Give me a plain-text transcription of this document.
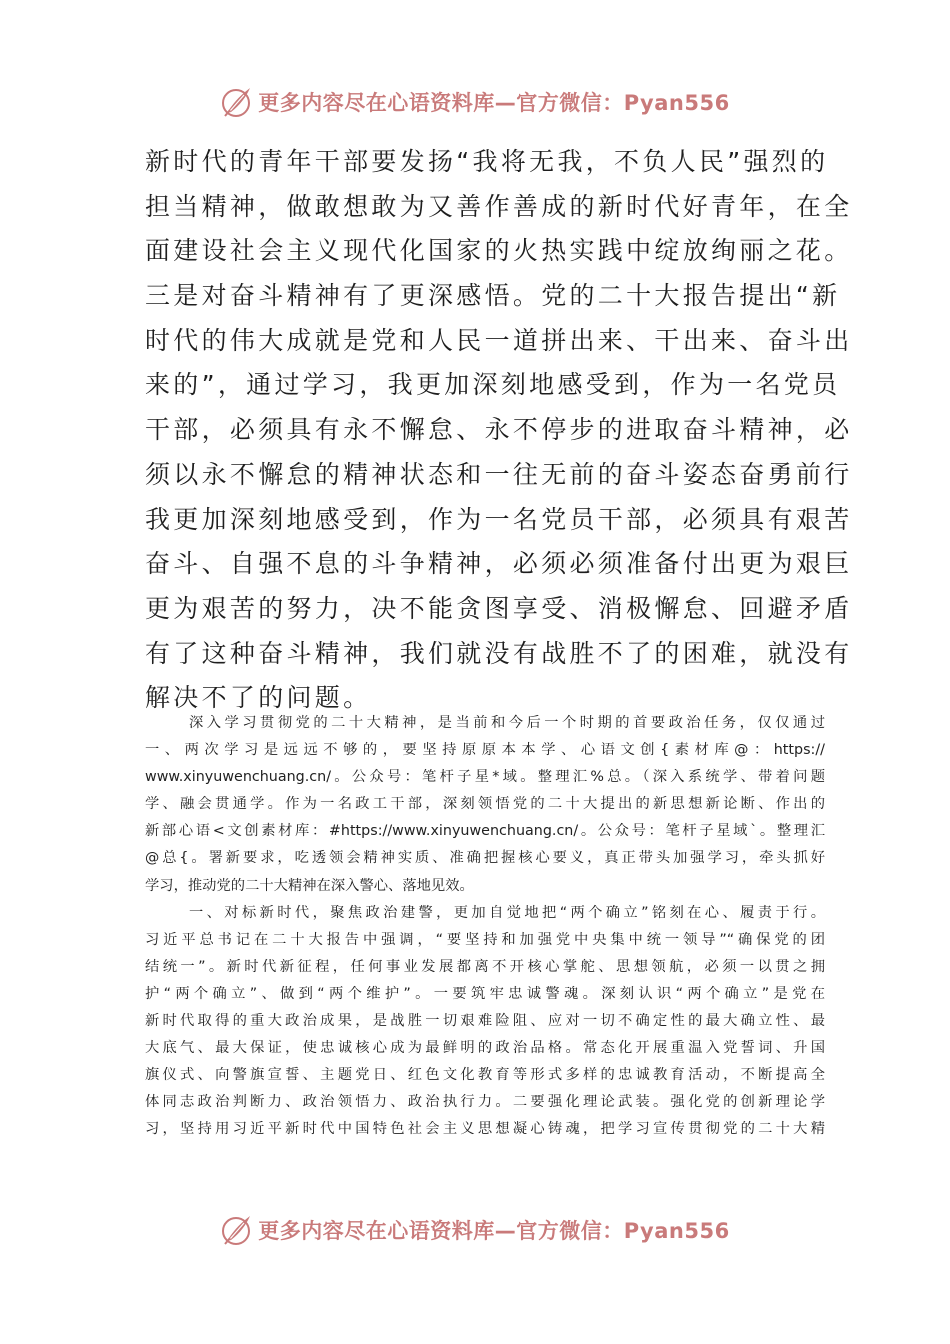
更多内容尽在心语资料库—官方微信：Pyan556
新时代的青年干部要发扬“我将无我，不负人民”强烈的
担当精神，做敢想敢为又善作善成的新时代好青年，在全
面建设社会主义现代化国家的火热实践中绽放绚丽之花。
三是对奋斗精神有了更深感悟。党的二十大报告提出“新
时代的伟大成就是党和人民一道拼出来、干出来、奋斗出
来的”，通过学习，我更加深刻地感受到，作为一名党员
干部，必须具有永不懈怠、永不停步的进取奋斗精神，必
须以永不懈怠的精神状态和一往无前的奋斗姿态奋勇前行
我更加深刻地感受到，作为一名党员干部，必须具有艰苦
奋斗、自强不息的斗争精神，必须必须准备付出更为艰巨
更为艰苦的努力，决不能贪图享受、消极懈怠、回避矛盾
有了这种奋斗精神，我们就没有战胜不了的困难，就没有
解决不了的问题。
深入学习贯彻党的二十大精神，是当前和今后一个时期的首要政治任务，仅仅通过
一、两次学习是远远不够的，要坚持原原本本学、心语文创{素材库@：https://
www.xinyuwenchuang.cn/。公众号：笔杆子星*域。整理汇%总。（深入系统学、带着问题
学、融会贯通学。作为一名政工干部，深刻领悟党的二十大提出的新思想新论断、作出的
新部心语<文创素材库：#https://www.xinyuwenchuang.cn/。公众号：笔杆子星域`。整理汇
@总{。署新要求，吃透领会精神实质、准确把握核心要义，真正带头加强学习，牵头抓好
学习，推动党的二十大精神在深入警心、落地见效。
一、对标新时代，聚焦政治建警，更加自觉地把“两个确立”铭刻在心、履责于行。
习近平总书记在二十大报告中强调，“要坚持和加强党中央集中统一领导”“确保党的团
结统一”。新时代新征程，任何事业发展都离不开核心掌舵、思想领航，必须一以贯之拥
护“两个确立”、做到“两个维护”。一要筑牢忠诚警魂。深刻认识“两个确立”是党在
新时代取得的重大政治成果，是战胜一切艰难险阻、应对一切不确定性的最大确立性、最
大底气、最大保证，使忠诚核心成为最鲜明的政治品格。常态化开展重温入党誓词、升国
旗仪式、向警旗宣誓、主题党日、红色文化教育等形式多样的忠诚教育活动，不断提高全
体同志政治判断力、政治领悟力、政治执行力。二要强化理论武装。强化党的创新理论学
习，坚持用习近平新时代中国特色社会主义思想凝心铸魂，把学习宣传贯彻党的二十大精
更多内容尽在心语资料库—官方微信：Pyan556
